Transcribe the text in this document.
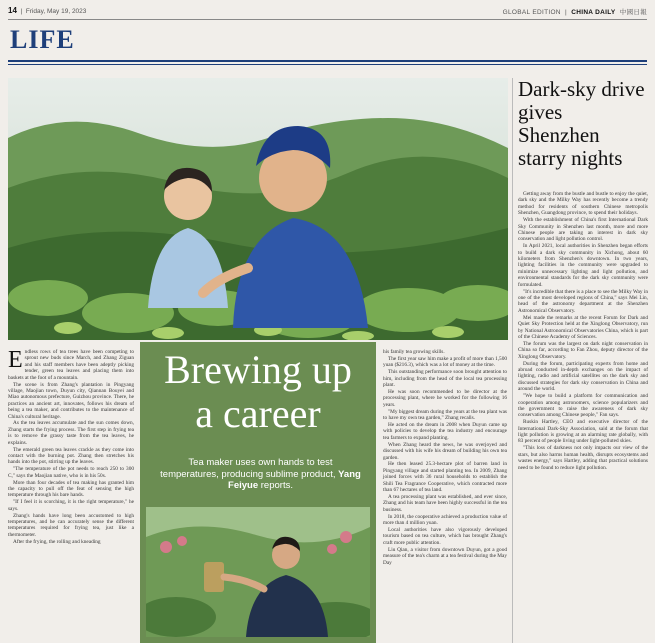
14  |  Friday, May 19, 2023	GLOBAL EDITION  |  CHINA DAILY 中國日報
LIFE
E ndless rows of tea trees have been competing to sprout new buds since March, and Zhang Ziguan and his staff members have been adeptly picking tender, green tea leaves and placing them into baskets at the foot of a mountain.

The scene is from Zhang's plantation in Pingyang village, Maojian town, Duyun city, Qiannan Bouyei and Miao autonomous prefecture, Guizhou province. There, he practices an ancient art, innovates, follows his dream of being a tea maker, and contributes to the maintenance of China's cultural heritage.

As the tea leaves accumulate and the sun comes down, Zhang starts the frying process. The first step in frying tea is to remove the grassy taste from the tea leaves, he explains.

The emerald green tea leaves crackle as they come into contact with the burning pot. Zhang then stretches his hands into the pot, stirring up the leaves.

"The temperature of the pot needs to reach 250 to 300 C," says the Maojian native, who is in his 50s.

More than four decades of tea making has granted him the capacity to pull off the feat of sensing the high temperature through his bare hands.

"If I feel it is scorching, it is the right temperature," he says.

Zhang's hands have long been accustomed to high temperatures, and he can accurately sense the different temperatures required for frying tea, just like a thermometer.

After the frying, the rolling and kneading

Brewing up
a career
Tea maker uses own hands to test temperatures, producing sublime product, Yang Feiyue reports.

his family tea growing skills.

The first year saw him make a profit of more than 1,500 yuan ($216.3), which was a lot of money at the time.

This outstanding performance soon brought attention to him, including from the head of the local tea processing plant.

He was soon recommended to be director at the processing plant, where he worked for the following 16 years.

"My biggest dream during the years at the tea plant was to have my own tea garden," Zhang recalls.

He acted on the dream in 2008 when Duyun came up with policies to develop the tea industry and encourage tea farmers to expand planting.

When Zhang heard the news, he was overjoyed and discussed with his wife his dream of building his own tea garden.

He then leased 25.3-hectare plot of barren land in Pingyang village and started planting tea. In 2009, Zhang joined forces with 36 rural households to establish the Shili Tea Fragrance Cooperative, which contracted more than 67 hectares of tea land.

A tea processing plant was established, and ever since, Zhang and his team have been highly successful in the tea business.

In 2018, the cooperative achieved a production value of more than 4 million yuan.

Local authorities have also vigorously developed tourism based on tea culture, which has brought Zhang's craft more public attention.

Liu Qian, a visitor from downtown Duyun, got a good measure of the tea's charm at a tea festival during the May Day

Dark-sky drive gives Shenzhen starry nights

Getting away from the bustle and bustle to enjoy the quiet, dark sky and the Milky Way has recently become a trendy method for residents of southern Chinese metropolis Shenzhen, Guangdong province, to spend their holidays.

With the establishment of China's first International Dark Sky Community in Shenzhen last month, more and more Chinese people are taking an interest in dark sky conservation and light pollution control.

In April 2021, local authorities in Shenzhen began efforts to build a dark sky community in Xichong, about 60 kilometers from Shenzhen's downtown. In two years, lighting facilities in the community were upgraded to minimize unnecessary lighting and light pollution, and environmental standards for the dark sky community were formulated.

"It's incredible that there is a place to see the Milky Way in one of the most developed regions of China," says Mei Lin, head of the astronomy department at the Shenzhen Astronomical Observatory.

Mei made the remarks at the recent Forum for Dark and Quiet Sky Protection held at the Xinglong Observatory, run by National Astronomical Observatories China, which is part of the Chinese Academy of Sciences.

The forum was the largest on dark night conservation in China so far, according to Fan Zhou, deputy director of the Xinglong Observatory.

During the forum, participating experts from home and abroad conducted in-depth exchanges on the impact of lighting, radio and artificial satellites on the dark sky and discussed strategies for dark sky conservation in China and around the world.

"We hope to build a platform for communication and cooperation among astronomers, science popularizers and the government to raise the awareness of dark sky conservation among Chinese people," Fan says.

Ruskin Hartley, CEO and executive director of the International Dark-Sky Association, said at the forum that light pollution is growing at an alarming rate globally, with 83 percent of people living under light-polluted skies.

"This loss of darkness not only impacts our view of the stars, but also harms human health, disrupts ecosystems and wastes energy," says Hartley, adding that practical solutions need to be found to reduce light pollution.
